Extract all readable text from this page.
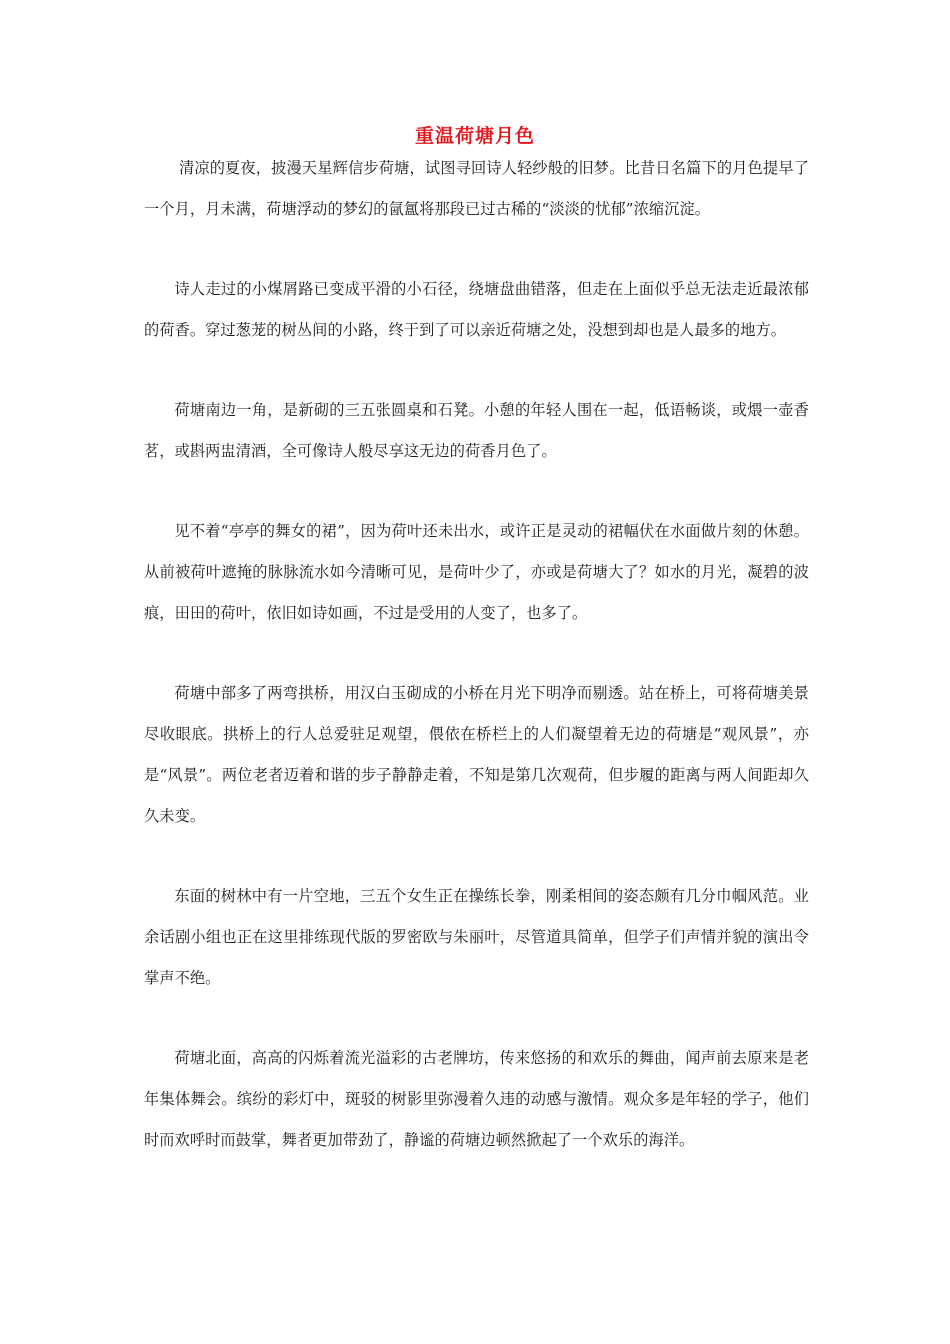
重温荷塘月色

清凉的夏夜，披漫天星辉信步荷塘，试图寻回诗人轻纱般的旧梦。比昔日名篇下的月色提早了一个月，月未满，荷塘浮动的梦幻的氤氲将那段已过古稀的“淡淡的忧郁”浓缩沉淀。

诗人走过的小煤屑路已变成平滑的小石径，绕塘盘曲错落，但走在上面似乎总无法走近最浓郁的荷香。穿过葱茏的树丛间的小路，终于到了可以亲近荷塘之处，没想到却也是人最多的地方。

荷塘南边一角，是新砌的三五张圆桌和石凳。小憩的年轻人围在一起，低语畅谈，或煨一壶香茗，或斟两盅清酒，全可像诗人般尽享这无边的荷香月色了。

见不着“亭亭的舞女的裙”，因为荷叶还未出水，或许正是灵动的裙幅伏在水面做片刻的休憩。从前被荷叶遮掩的脉脉流水如今清晰可见，是荷叶少了，亦或是荷塘大了？如水的月光，凝碧的波痕，田田的荷叶，依旧如诗如画，不过是受用的人变了，也多了。

荷塘中部多了两弯拱桥，用汉白玉砌成的小桥在月光下明净而剔透。站在桥上，可将荷塘美景尽收眼底。拱桥上的行人总爱驻足观望，偎依在桥栏上的人们凝望着无边的荷塘是“观风景”，亦是“风景”。两位老者迈着和谐的步子静静走着，不知是第几次观荷，但步履的距离与两人间距却久久未变。

东面的树林中有一片空地，三五个女生正在操练长拳，刚柔相间的姿态颇有几分巾帼风范。业余话剧小组也正在这里排练现代版的罗密欧与朱丽叶，尽管道具简单，但学子们声情并貌的演出令掌声不绝。

荷塘北面，高高的闪烁着流光溢彩的古老牌坊，传来悠扬的和欢乐的舞曲，闻声前去原来是老年集体舞会。缤纷的彩灯中，斑驳的树影里弥漫着久违的动感与激情。观众多是年轻的学子，他们时而欢呼时而鼓掌，舞者更加带劲了，静谧的荷塘边顿然掀起了一个欢乐的海洋。
